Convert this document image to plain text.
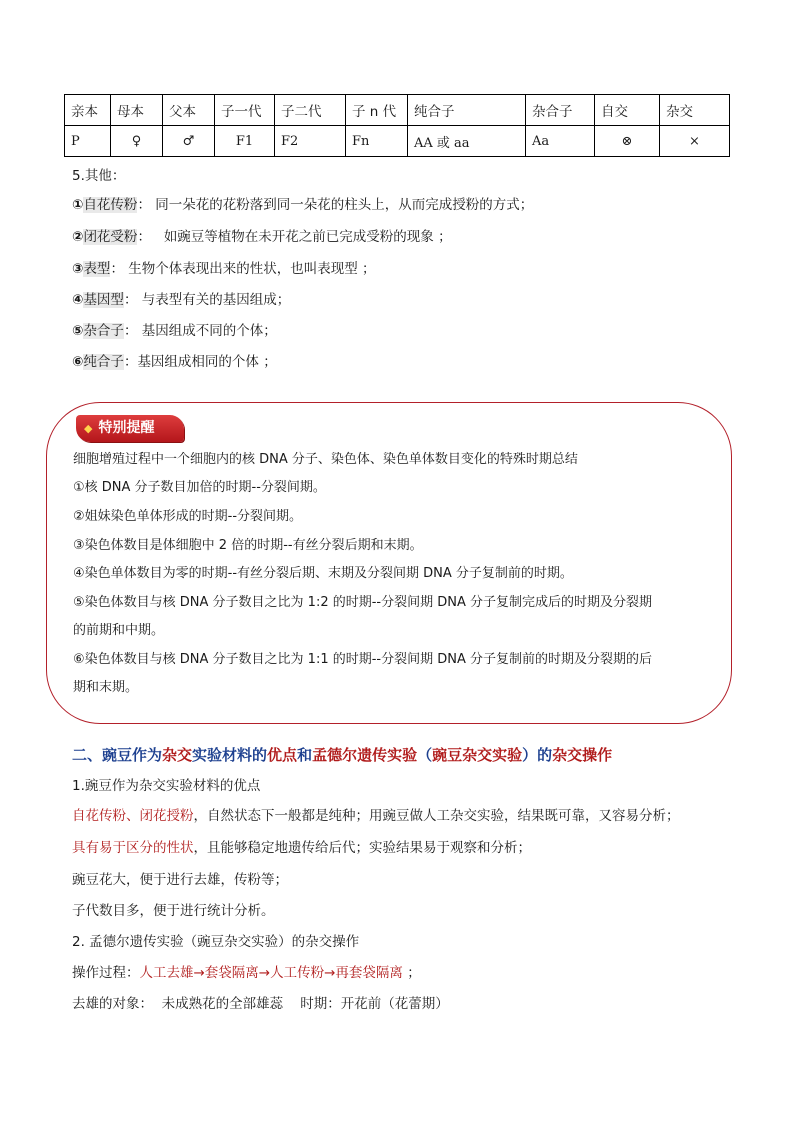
亲本	母本	父本	子一代	子二代	子 n 代	纯合子	杂合子	自交	杂交
P	♀	♂	F1	F2	Fn	AA 或 aa	Aa	⊗	×
5.其他：
①自花传粉： 同一朵花的花粉落到同一朵花的柱头上，从而完成授粉的方式；
②闭花受粉： 如豌豆等植物在未开花之前已完成受粉的现象 ；
③表型： 生物个体表现出来的性状，也叫表现型 ；
④基因型： 与表型有关的基因组成；
⑤杂合子： 基因组成不同的个体；
⑥纯合子：基因组成相同的个体 ；
◆ 特别提醒
细胞增殖过程中一个细胞内的核 DNA 分子、染色体、染色单体数目变化的特殊时期总结
①核 DNA 分子数目加倍的时期--分裂间期。
②姐妹染色单体形成的时期--分裂间期。
③染色体数目是体细胞中 2 倍的时期--有丝分裂后期和末期。
④染色单体数目为零的时期--有丝分裂后期、末期及分裂间期 DNA 分子复制前的时期。
⑤染色体数目与核 DNA 分子数目之比为 1:2 的时期--分裂间期 DNA 分子复制完成后的时期及分裂期
的前期和中期。
⑥染色体数目与核 DNA 分子数目之比为 1:1 的时期--分裂间期 DNA 分子复制前的时期及分裂期的后
期和末期。
二、豌豆作为杂交实验材料的优点和孟德尔遗传实验（豌豆杂交实验）的杂交操作
1.豌豆作为杂交实验材料的优点
自花传粉、闭花授粉，自然状态下一般都是纯种；用豌豆做人工杂交实验，结果既可靠，又容易分析；
具有易于区分的性状，且能够稳定地遗传给后代；实验结果易于观察和分析；
豌豆花大，便于进行去雄，传粉等；
子代数目多，便于进行统计分析。
2. 孟德尔遗传实验（豌豆杂交实验）的杂交操作
操作过程：人工去雄→套袋隔离→人工传粉→再套袋隔离 ；
去雄的对象： 未成熟花的全部雄蕊 时期：开花前（花蕾期）
